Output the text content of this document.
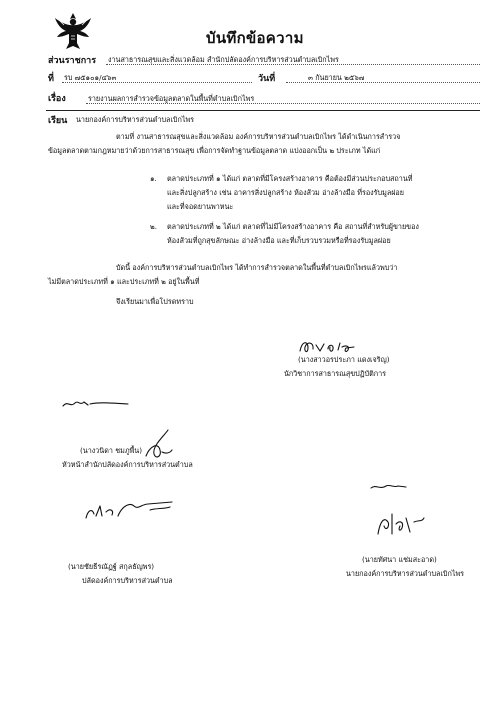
บันทึกข้อความ
ส่วนราชการ งานสาธารณสุขและสิ่งแวดล้อม สำนักปลัดองค์การบริหารส่วนตำบลเบิกไพร
ที่ รบ ๗๕๑๐๑/๔๖๓	วันที่	๓ กันยายน ๒๕๖๗
เรื่อง	รายงานผลการสำรวจข้อมูลตลาดในพื้นที่ตำบลเบิกไพร
เรียน นายกองค์การบริหารส่วนตำบลเบิกไพร
ตามที่ งานสาธารณสุขและสิ่งแวดล้อม องค์การบริหารส่วนตำบลเบิกไพร ได้ดำเนินการสำรวจ
ข้อมูลตลาดตามกฎหมายว่าด้วยการสาธารณสุข เพื่อการจัดทำฐานข้อมูลตลาด แบ่งออกเป็น ๒ ประเภท ได้แก่
๑. ตลาดประเภทที่ ๑ ได้แก่ ตลาดที่มีโครงสร้างอาคาร คือต้องมีส่วนประกอบสถานที่
และสิ่งปลูกสร้าง เช่น อาคารสิ่งปลูกสร้าง ห้องส้วม อ่างล้างมือ ที่รองรับมูลฝอย
และที่จอดยานพาหนะ
๒. ตลาดประเภทที่ ๒ ได้แก่ ตลาดที่ไม่มีโครงสร้างอาคาร คือ สถานที่สำหรับผู้ขายของ
ห้องส้วมที่ถูกสุขลักษณะ อ่างล้างมือ และที่เก็บรวบรวมหรือที่รองรับมูลฝอย
บัดนี้ องค์การบริหารส่วนตำบลเบิกไพร ได้ทำการสำรวจตลาดในพื้นที่ตำบลเบิกไพรแล้วพบว่า
ไม่มีตลาดประเภทที่ ๑ และประเภทที่ ๒ อยู่ในพื้นที่
จึงเรียนมาเพื่อโปรดทราบ
(นางสาวอรประภา แดงเจริญ)
นักวิชาการสาธารณสุขปฏิบัติการ
(นางวนิดา ชมภูพื้น)
หัวหน้าสำนักปลัดองค์การบริหารส่วนตำบล
(นายชัยธีรณัฏฐ์ สกุลธัญพร)
ปลัดองค์การบริหารส่วนตำบล
(นายทัศนา แช่มสะอาด)
นายกองค์การบริหารส่วนตำบลเบิกไพร
